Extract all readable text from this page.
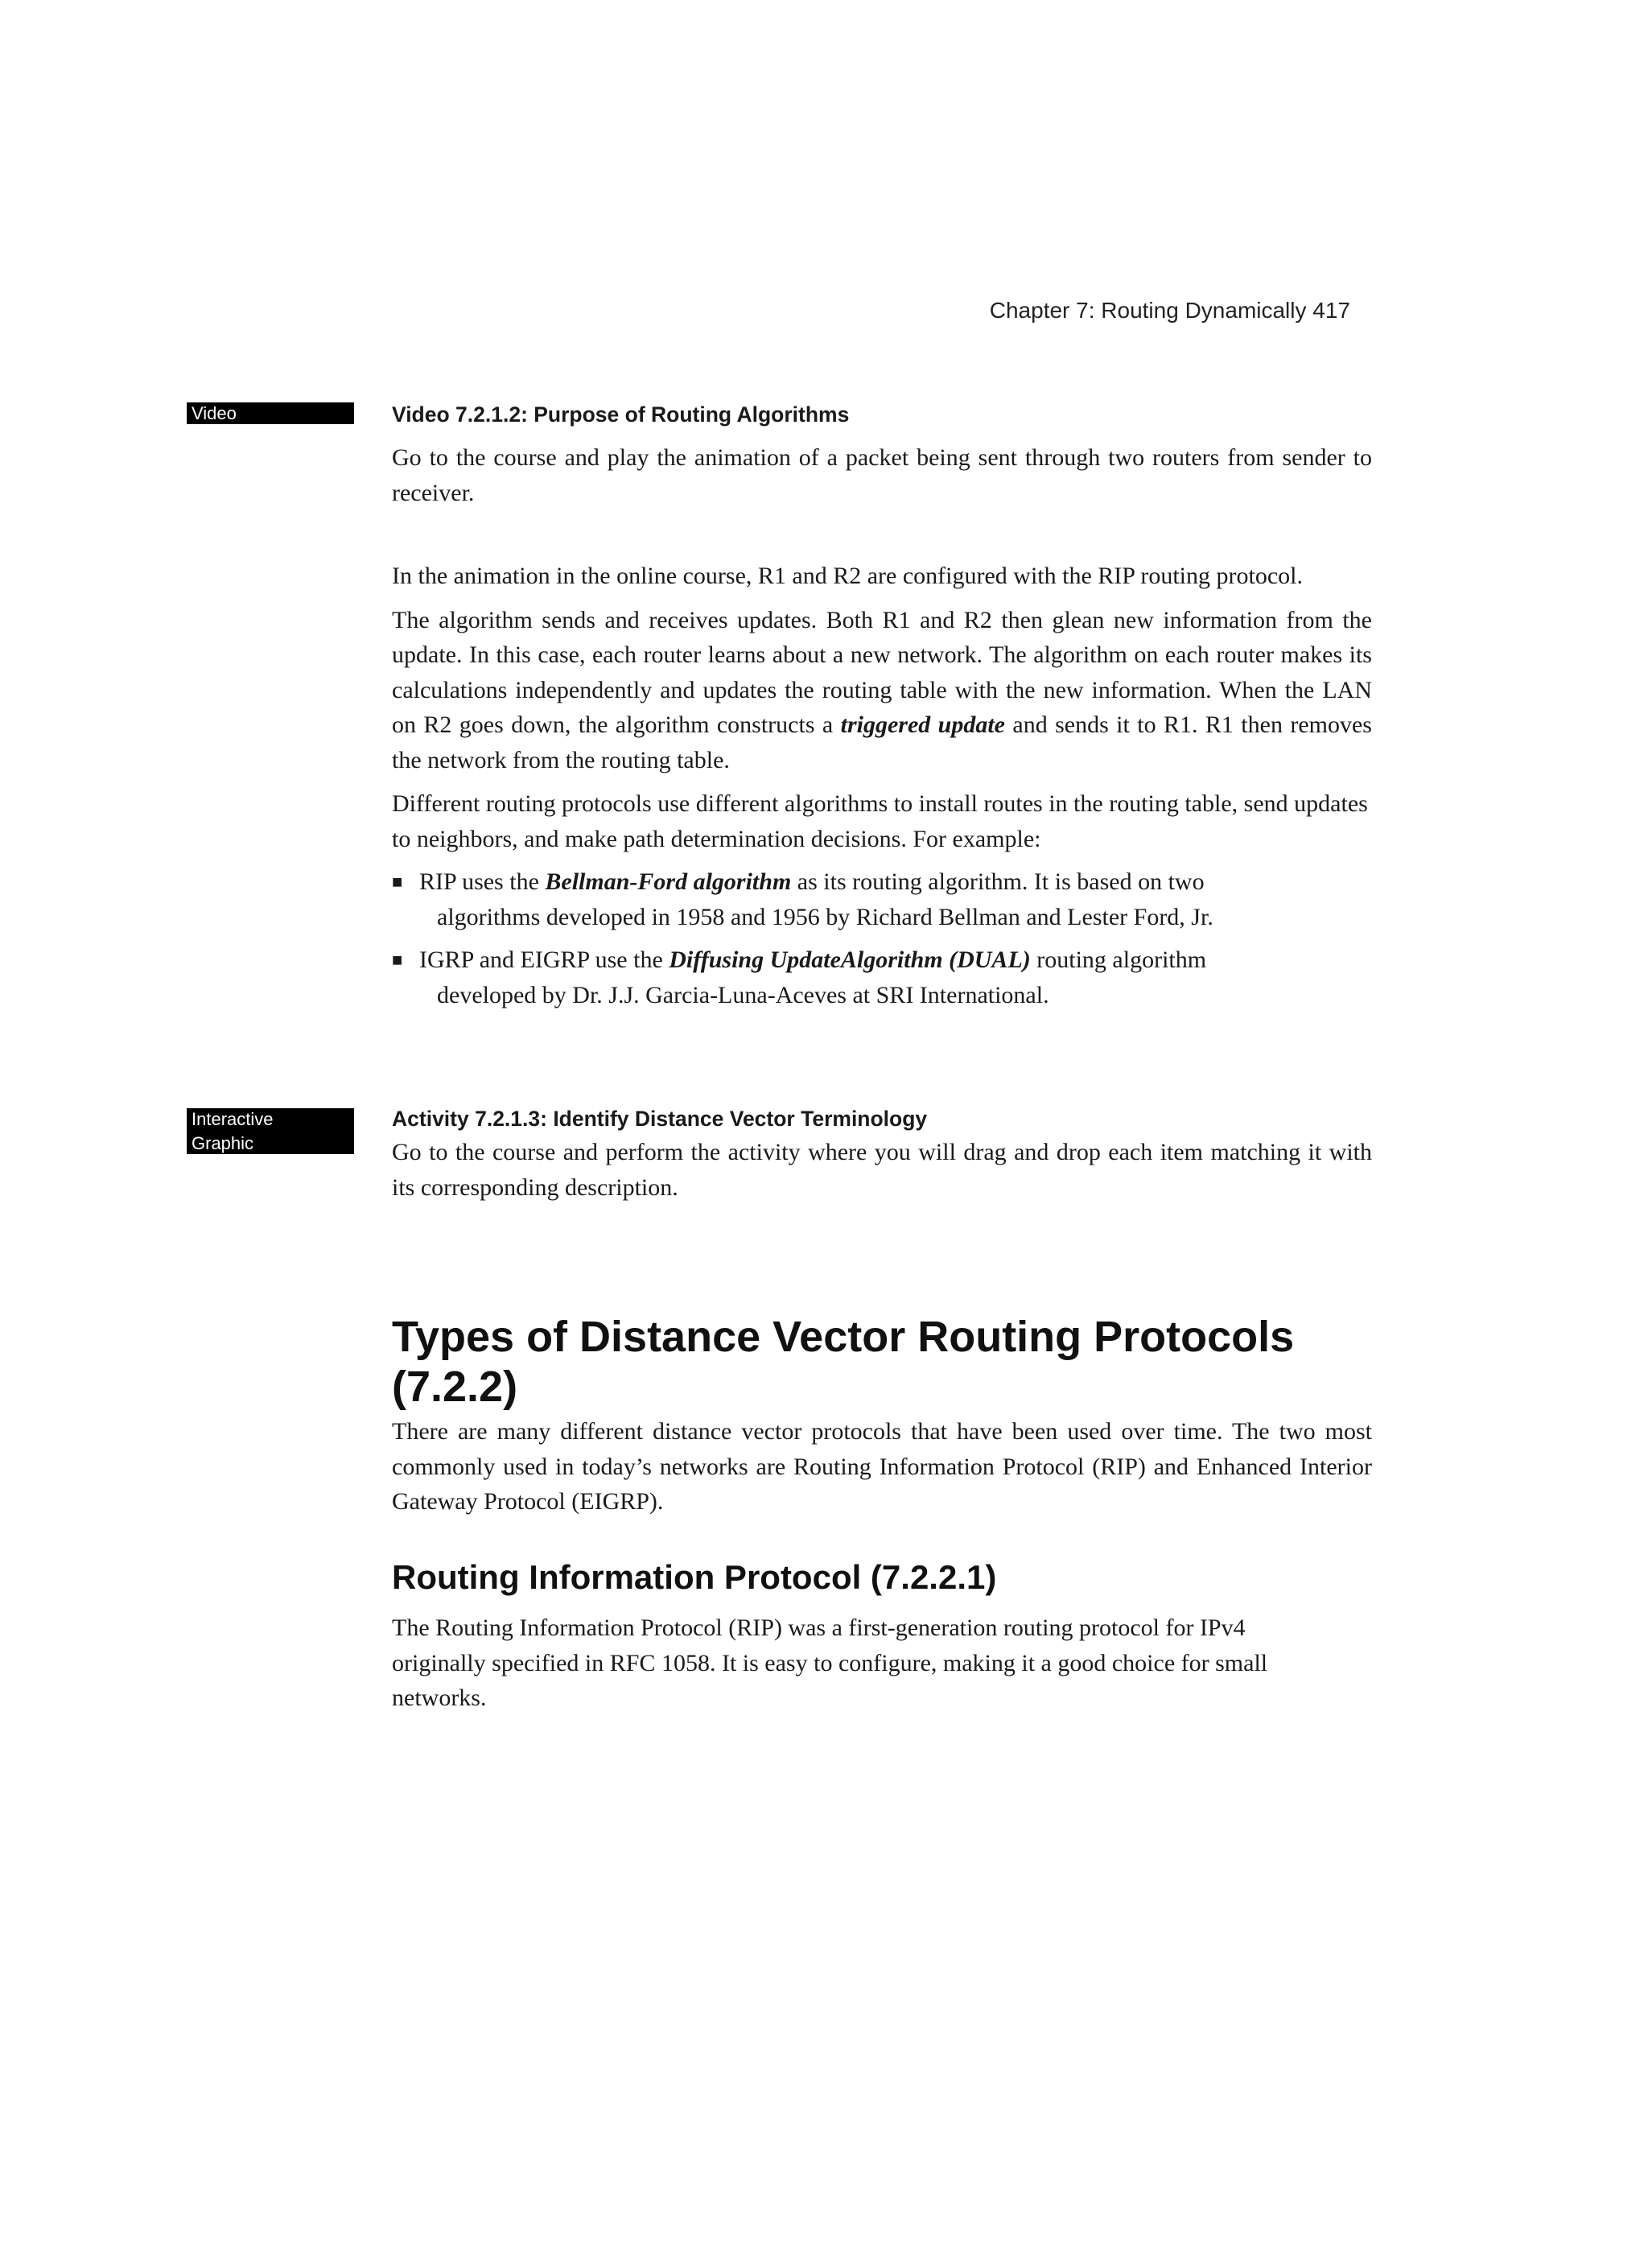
Chapter 7: Routing Dynamically 417
Video
Interactive
Graphic
Video 7.2.1.2: Purpose of Routing Algorithms

Go to the course and play the animation of a packet being sent through two routers from sender to receiver.

In the animation in the online course, R1 and R2 are configured with the RIP routing protocol.

The algorithm sends and receives updates. Both R1 and R2 then glean new information from the update. In this case, each router learns about a new network. The algorithm on each router makes its calculations independently and updates the routing table with the new information. When the LAN on R2 goes down, the algorithm constructs a triggered update and sends it to R1. R1 then removes the network from the routing table.

Different routing protocols use different algorithms to install routes in the routing table, send updates to neighbors, and make path determination decisions. For example:

■ RIP uses the Bellman-Ford algorithm as its routing algorithm. It is based on two
algorithms developed in 1958 and 1956 by Richard Bellman and Lester Ford, Jr.
■ IGRP and EIGRP use the Diffusing UpdateAlgorithm (DUAL) routing algorithm
developed by Dr. J.J. Garcia-Luna-Aceves at SRI International.
Activity 7.2.1.3: Identify Distance Vector Terminology

Go to the course and perform the activity where you will drag and drop each item matching it with its corresponding description.

Types of Distance Vector Routing Protocols
(7.2.2)

There are many different distance vector protocols that have been used over time. The two most commonly used in today’s networks are Routing Information Protocol (RIP) and Enhanced Interior Gateway Protocol (EIGRP).

Routing Information Protocol (7.2.2.1)

The Routing Information Protocol (RIP) was a first-generation routing protocol for IPv4
originally specified in RFC 1058. It is easy to configure, making it a good choice for small
networks.
